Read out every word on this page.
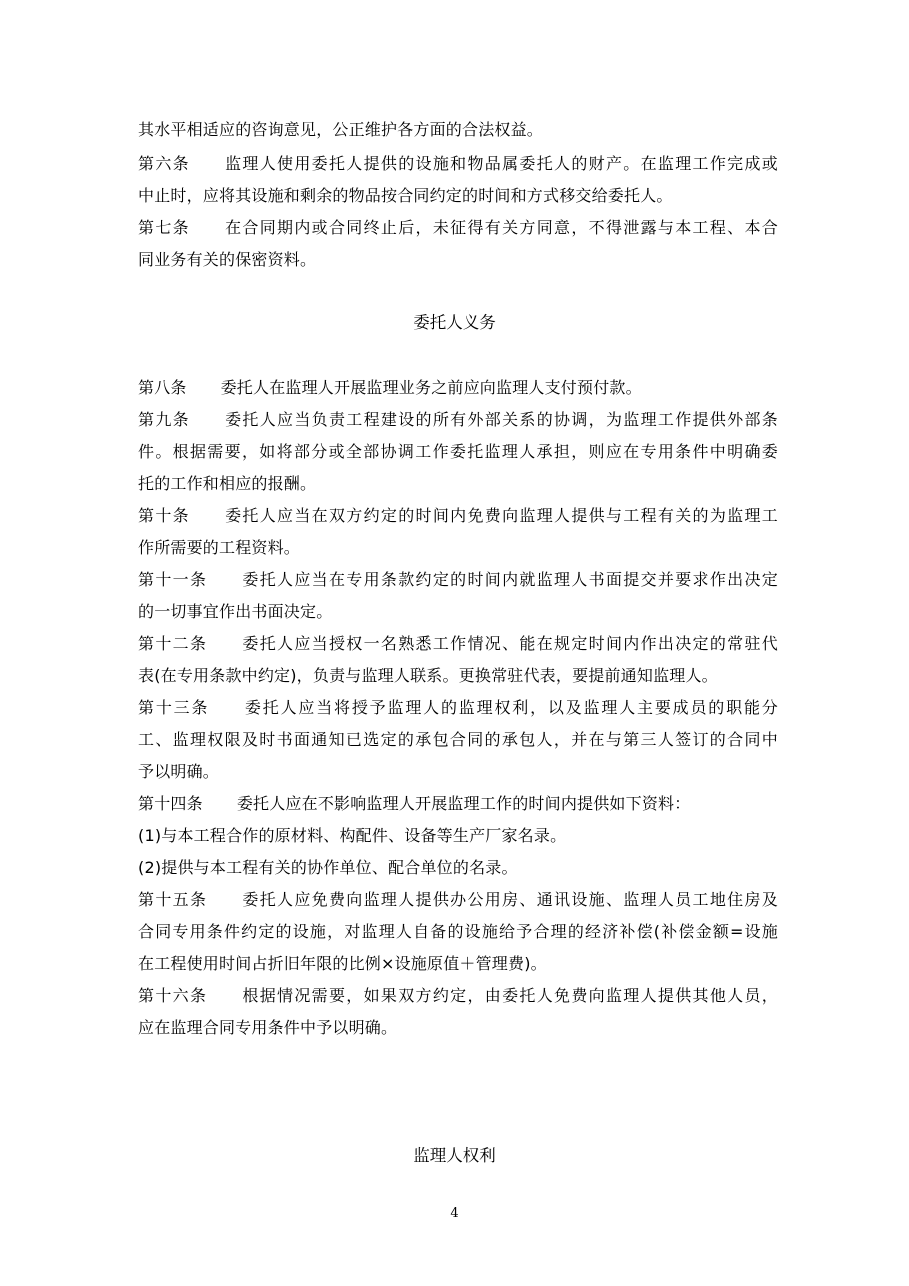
其水平相适应的咨询意见，公正维护各方面的合法权益。
第六条 监理人使用委托人提供的设施和物品属委托人的财产。在监理工作完成或
中止时，应将其设施和剩余的物品按合同约定的时间和方式移交给委托人。
第七条 在合同期内或合同终止后，未征得有关方同意，不得泄露与本工程、本合
同业务有关的保密资料。
委托人义务
第八条 委托人在监理人开展监理业务之前应向监理人支付预付款。
第九条 委托人应当负责工程建设的所有外部关系的协调，为监理工作提供外部条
件。根据需要，如将部分或全部协调工作委托监理人承担，则应在专用条件中明确委
托的工作和相应的报酬。
第十条 委托人应当在双方约定的时间内免费向监理人提供与工程有关的为监理工
作所需要的工程资料。
第十一条 委托人应当在专用条款约定的时间内就监理人书面提交并要求作出决定
的一切事宜作出书面决定。
第十二条 委托人应当授权一名熟悉工作情况、能在规定时间内作出决定的常驻代
表(在专用条款中约定)，负责与监理人联系。更换常驻代表，要提前通知监理人。
第十三条 委托人应当将授予监理人的监理权利，以及监理人主要成员的职能分
工、监理权限及时书面通知已选定的承包合同的承包人，并在与第三人签订的合同中
予以明确。
第十四条 委托人应在不影响监理人开展监理工作的时间内提供如下资料：
(1)与本工程合作的原材料、构配件、设备等生产厂家名录。
(2)提供与本工程有关的协作单位、配合单位的名录。
第十五条 委托人应免费向监理人提供办公用房、通讯设施、监理人员工地住房及
合同专用条件约定的设施，对监理人自备的设施给予合理的经济补偿(补偿金额=设施
在工程使用时间占折旧年限的比例×设施原值＋管理费)。
第十六条 根据情况需要，如果双方约定，由委托人免费向监理人提供其他人员，
应在监理合同专用条件中予以明确。
监理人权利
4
